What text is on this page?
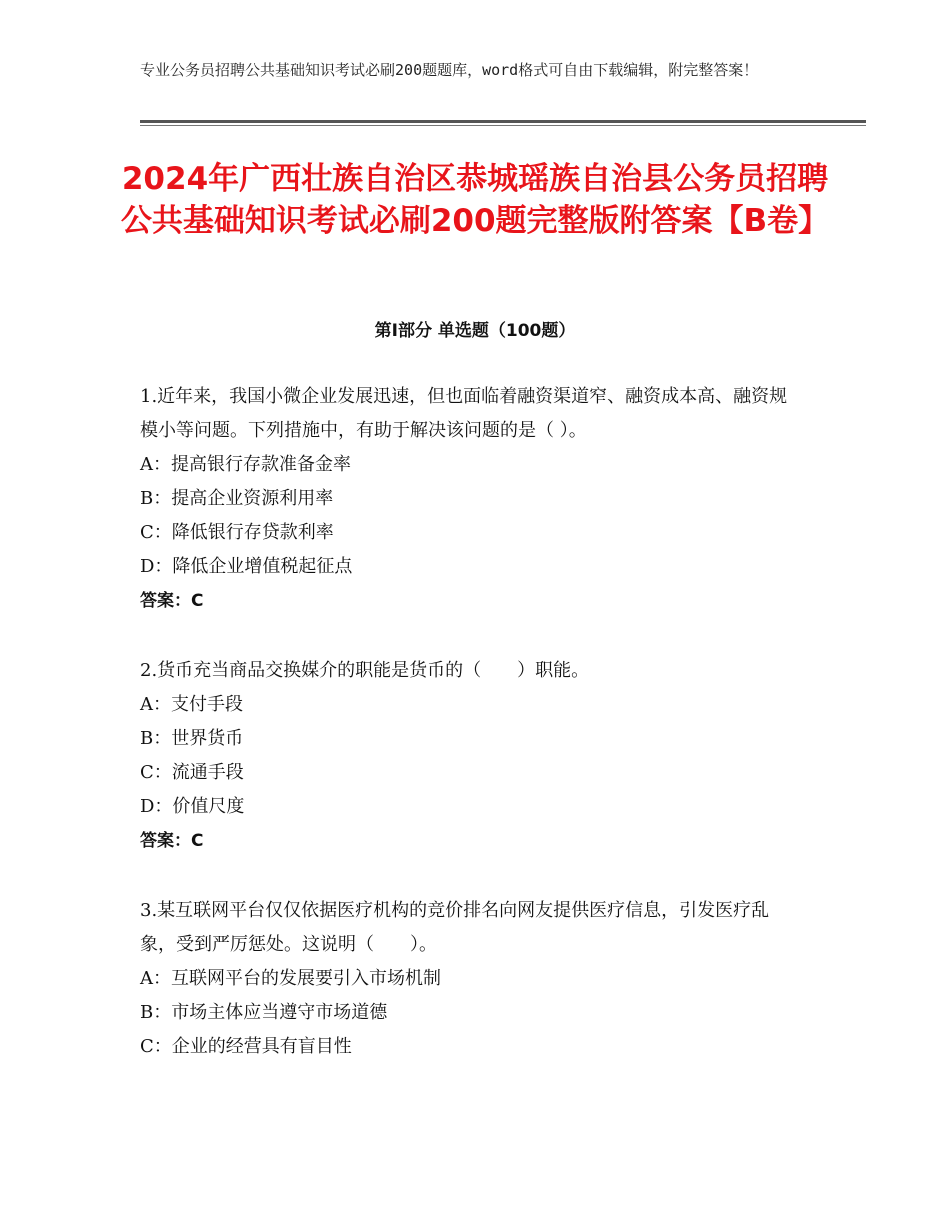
专业公务员招聘公共基础知识考试必刷200题题库，word格式可自由下载编辑，附完整答案！
2024年广西壮族自治区恭城瑶族自治县公务员招聘公共基础知识考试必刷200题完整版附答案【B卷】
第Ⅰ部分 单选题（100题）

1.近年来，我国小微企业发展迅速，但也面临着融资渠道窄、融资成本高、融资规模小等问题。下列措施中，有助于解决该问题的是（ ）。

A：提高银行存款准备金率

B：提高企业资源利用率

C：降低银行存贷款利率

D：降低企业增值税起征点

答案：C

2.货币充当商品交换媒介的职能是货币的（　　）职能。

A：支付手段

B：世界货币

C：流通手段

D：价值尺度

答案：C

3.某互联网平台仅仅依据医疗机构的竞价排名向网友提供医疗信息，引发医疗乱象，受到严厉惩处。这说明（　　）。

A：互联网平台的发展要引入市场机制

B：市场主体应当遵守市场道德

C：企业的经营具有盲目性
